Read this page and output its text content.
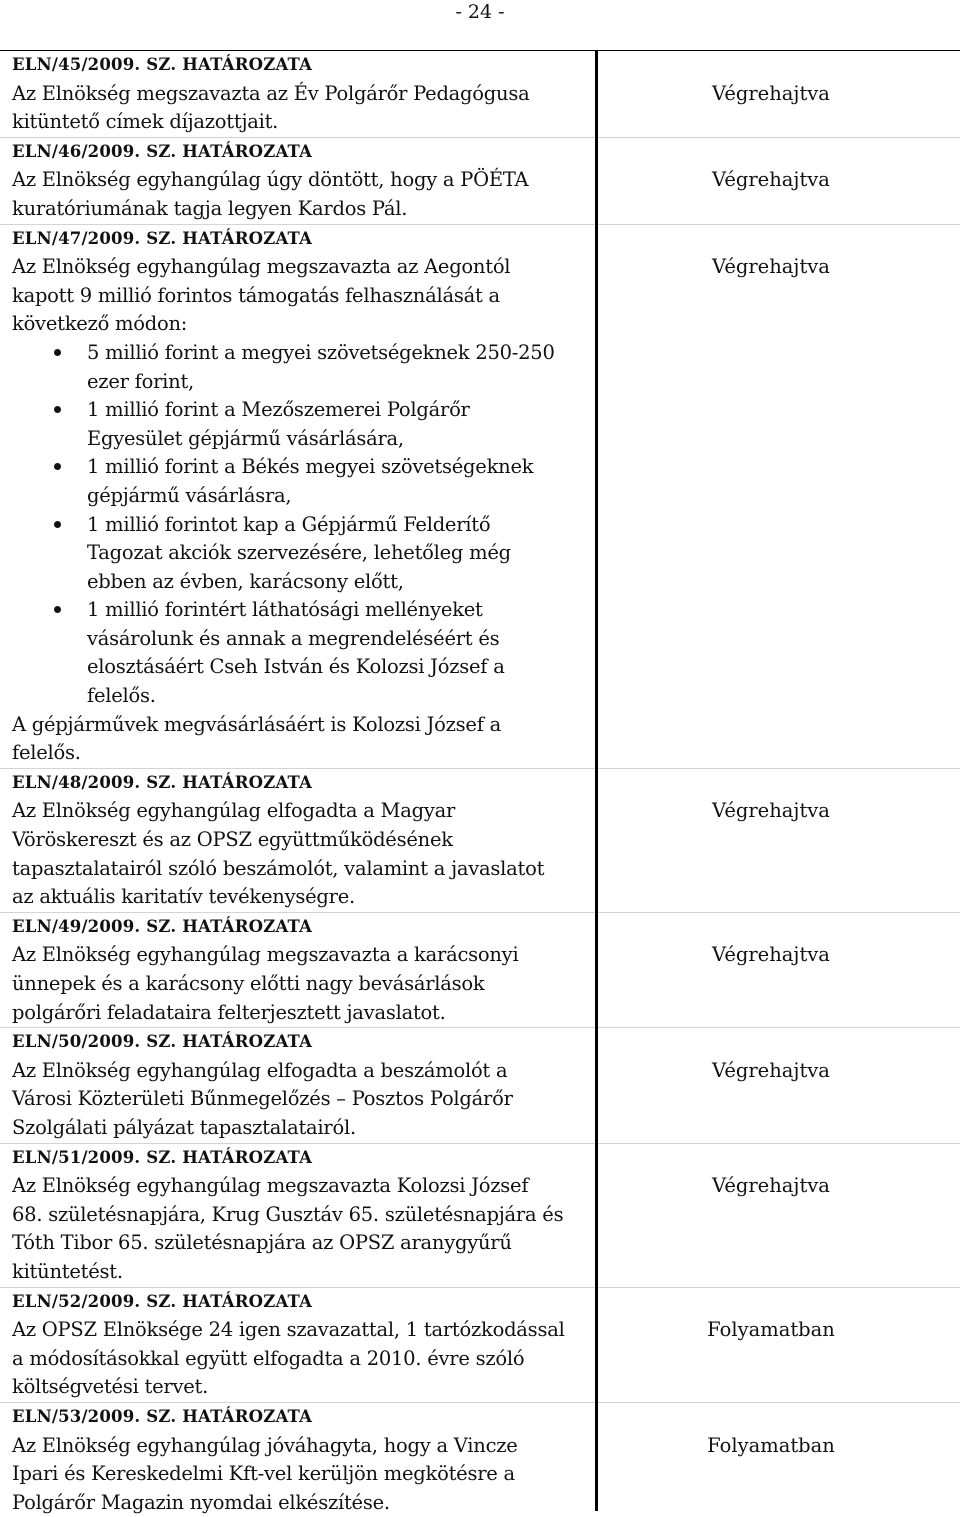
- 24 -
ELN/45/2009. SZ. HATÁROZATA
Az Elnökség megszavazta az Év Polgárőr Pedagógusa
kitüntető címek díjazottjait.

Végrehajtva
ELN/46/2009. SZ. HATÁROZATA
Az Elnökség egyhangúlag úgy döntött, hogy a PÖÉTA
kuratóriumának tagja legyen Kardos Pál.

Végrehajtva
ELN/47/2009. SZ. HATÁROZATA
Az Elnökség egyhangúlag megszavazta az Aegontól
kapott 9 millió forintos támogatás felhasználását a
következő módon:
5 millió forint a megyei szövetségeknek 250-250
ezer forint,
1 millió forint a Mezőszemerei Polgárőr
Egyesület gépjármű vásárlására,
1 millió forint a Békés megyei szövetségeknek
gépjármű vásárlásra,
1 millió forintot kap a Gépjármű Felderítő
Tagozat akciók szervezésére, lehetőleg még
ebben az évben, karácsony előtt,
1 millió forintért láthatósági mellényeket
vásárolunk és annak a megrendeléséért és
elosztásáért Cseh István és Kolozsi József a
felelős.
A gépjárművek megvásárlásáért is Kolozsi József a
felelős.

Végrehajtva
ELN/48/2009. SZ. HATÁROZATA
Az Elnökség egyhangúlag elfogadta a Magyar
Vöröskereszt és az OPSZ együttműködésének
tapasztalatairól szóló beszámolót, valamint a javaslatot
az aktuális karitatív tevékenységre.

Végrehajtva
ELN/49/2009. SZ. HATÁROZATA
Az Elnökség egyhangúlag megszavazta a karácsonyi
ünnepek és a karácsony előtti nagy bevásárlások
polgárőri feladataira felterjesztett javaslatot.

Végrehajtva
ELN/50/2009. SZ. HATÁROZATA
Az Elnökség egyhangúlag elfogadta a beszámolót a
Városi Közterületi Bűnmegelőzés – Posztos Polgárőr
Szolgálati pályázat tapasztalatairól.

Végrehajtva
ELN/51/2009. SZ. HATÁROZATA
Az Elnökség egyhangúlag megszavazta Kolozsi József
68. születésnapjára, Krug Gusztáv 65. születésnapjára és
Tóth Tibor 65. születésnapjára az OPSZ aranygyűrű
kitüntetést.

Végrehajtva
ELN/52/2009. SZ. HATÁROZATA
Az OPSZ Elnöksége 24 igen szavazattal, 1 tartózkodással
a módosításokkal együtt elfogadta a 2010. évre szóló
költségvetési tervet.

Folyamatban
ELN/53/2009. SZ. HATÁROZATA
Az Elnökség egyhangúlag jóváhagyta, hogy a Vincze
Ipari és Kereskedelmi Kft-vel kerüljön megkötésre a
Polgárőr Magazin nyomdai elkészítése.

Folyamatban
